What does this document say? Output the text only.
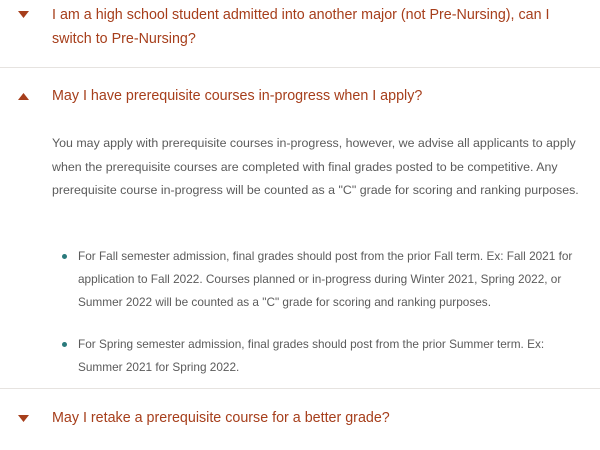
I am a high school student admitted into another major (not Pre-Nursing), can I switch to Pre-Nursing?

May I have prerequisite courses in-progress when I apply?

You may apply with prerequisite courses in-progress, however, we advise all applicants to apply when the prerequisite courses are completed with final grades posted to be competitive. Any prerequisite course in-progress will be counted as a "C" grade for scoring and ranking purposes.

For Fall semester admission, final grades should post from the prior Fall term. Ex: Fall 2021 for application to Fall 2022. Courses planned or in-progress during Winter 2021, Spring 2022, or Summer 2022 will be counted as a "C" grade for scoring and ranking purposes.
For Spring semester admission, final grades should post from the prior Summer term. Ex: Summer 2021 for Spring 2022.

May I retake a prerequisite course for a better grade?
